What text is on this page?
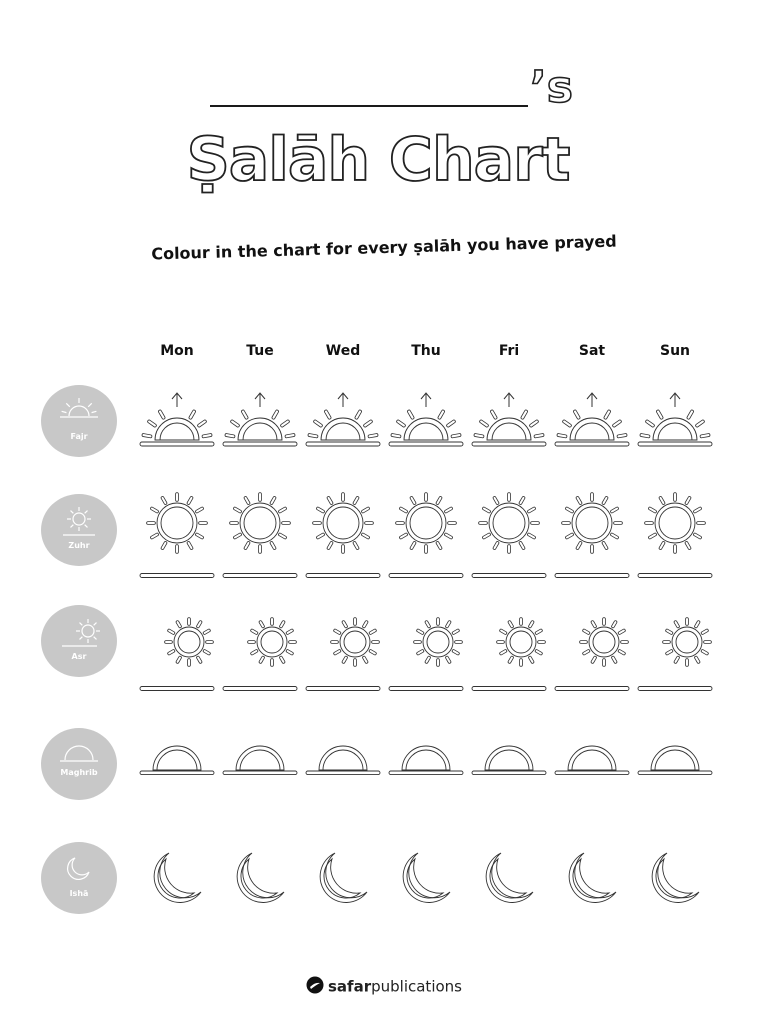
’s
Ṣalāh Chart
Colour in the chart for every ṣalāh you have prayed
Mon	Tue	Wed	Thu	Fri	Sat	Sun
Fajr
Zuhr
Asr
Maghrib
Ishā
safarpublications
